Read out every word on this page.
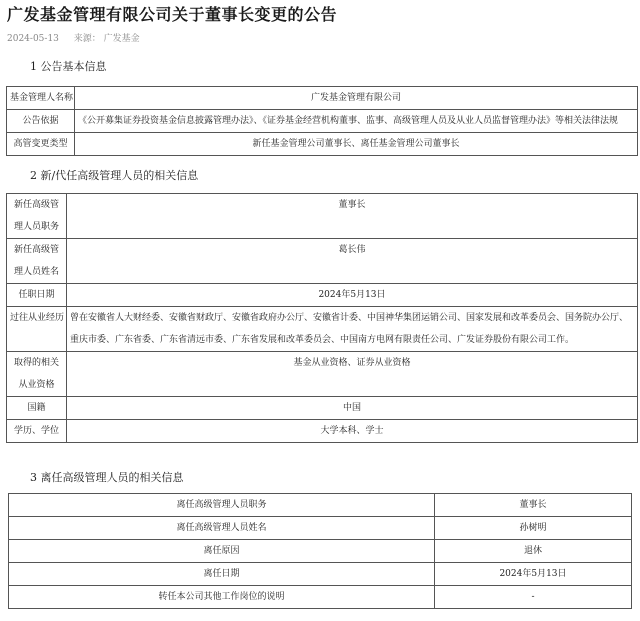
广发基金管理有限公司关于董事长变更的公告
2024-05-13 来源： 广发基金
1 公告基本信息
基金管理人名称	广发基金管理有限公司
公告依据	《公开募集证券投资基金信息披露管理办法》、《证券基金经营机构董事、监事、高级管理人员及从业人员监督管理办法》等相关法律法规
高管变更类型	新任基金管理公司董事长、离任基金管理公司董事长
2 新/代任高级管理人员的相关信息
新任高级管理人员职务	董事长
新任高级管理人员姓名	葛长伟
任职日期	2024年5月13日
过往从业经历	曾在安徽省人大财经委、安徽省财政厅、安徽省政府办公厅、安徽省计委、中国神华集团运销公司、国家发展和改革委员会、国务院办公厅、重庆市委、广东省委、广东省清远市委、广东省发展和改革委员会、中国南方电网有限责任公司、广发证券股份有限公司工作。
取得的相关从业资格	基金从业资格、证券从业资格
国籍	中国
学历、学位	大学本科、学士
3 离任高级管理人员的相关信息
离任高级管理人员职务	董事长
离任高级管理人员姓名	孙树明
离任原因	退休
离任日期	2024年5月13日
转任本公司其他工作岗位的说明	-
